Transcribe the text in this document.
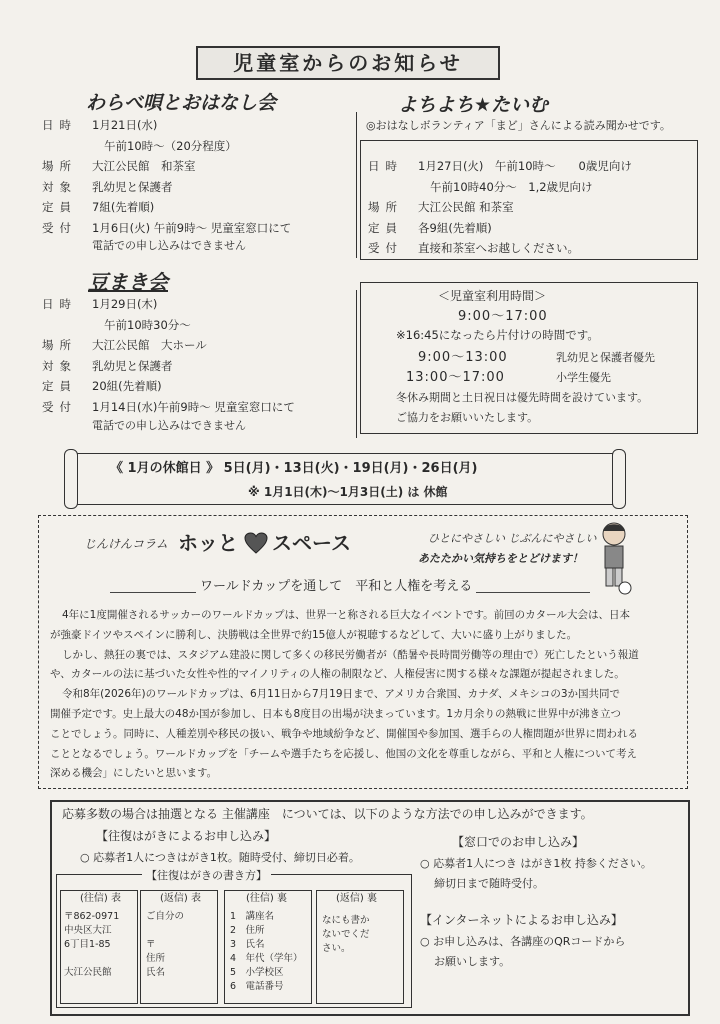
児童室からのお知らせ
わらべ唄とおはなし会
日時	1月21日(水)
午前10時～（20分程度）
場所	大江公民館　和茶室
対象	乳幼児と保護者
定員	7組(先着順)
受付	1月6日(火) 午前9時～ 児童室窓口にて
電話での申し込みはできません
よちよち★たいむ
◎おはなしボランティア「まど」さんによる読み聞かせです。
日時	1月27日(火)　午前10時～　　0歳児向け
午前10時40分～　1,2歳児向け
場所	大江公民館 和茶室
定員	各9組(先着順)
受付	直接和茶室へお越しください。
豆まき会
日時	1月29日(木)
午前10時30分～
場所	大江公民館　大ホール
対象	乳幼児と保護者
定員	20組(先着順)
受付	1月14日(水)午前9時～ 児童室窓口にて
電話での申し込みはできません
＜児童室利用時間＞
9:00～17:00
※16:45になったら片付けの時間です。
9:00～13:00	乳幼児と保護者優先
13:00～17:00	小学生優先
冬休み期間と土日祝日は優先時間を設けています。
ご協力をお願いいたします。
《 1月の休館日 》 5日(月)・13日(火)・19日(月)・26日(月)
※ 1月1日(木)～1月3日(土) は 休館
じんけんコラム ホッと スペース	ひとにやさしい じぶんにやさしい
あたたかい気持ちをとどけます！
ワールドカップを通して　平和と人権を考える
4年に1度開催されるサッカーのワールドカップは、世界一と称される巨大なイベントです。前回のカタール大会は、日本
が強豪ドイツやスペインに勝利し、決勝戦は全世界で約15億人が視聴するなどして、大いに盛り上がりました。
しかし、熱狂の裏では、スタジアム建設に関して多くの移民労働者が（酷暑や長時間労働等の理由で）死亡したという報道
や、カタールの法に基づいた女性や性的マイノリティの人権の制限など、人権侵害に関する様々な課題が提起されました。
令和8年(2026年)のワールドカップは、6月11日から7月19日まで、アメリカ合衆国、カナダ、メキシコの3か国共同で
開催予定です。史上最大の48か国が参加し、日本も8度目の出場が決まっています。1カ月余りの熱戦に世界中が沸き立つ
ことでしょう。同時に、人種差別や移民の扱い、戦争や地域紛争など、開催国や参加国、選手らの人権問題が世界に問われる
こととなるでしょう。ワールドカップを「チームや選手たちを応援し、他国の文化を尊重しながら、平和と人権について考え
深める機会」にしたいと思います。
応募多数の場合は抽選となる 主催講座　については、以下のような方法での申し込みができます。
【往復はがきによるお申し込み】
○ 応募者1人につきはがき1枚。随時受付、締切日必着。
【往復はがきの書き方】
(往信) 表
〒862-0971
中央区大江
6丁目1-85
大江公民館
(返信) 表
ご自分の
〒
住所
氏名
(往信) 裏
1　講座名
2　住所
3　氏名
4　年代（学年）
5　小学校区
6　電話番号
(返信) 裏
なにも書か
ないでくだ
さい。
【窓口でのお申し込み】
○ 応募者1人につき はがき1枚 持参ください。
締切日まで随時受付。
【インターネットによるお申し込み】
○ お申し込みは、各講座のQRコードから
お願いします。
